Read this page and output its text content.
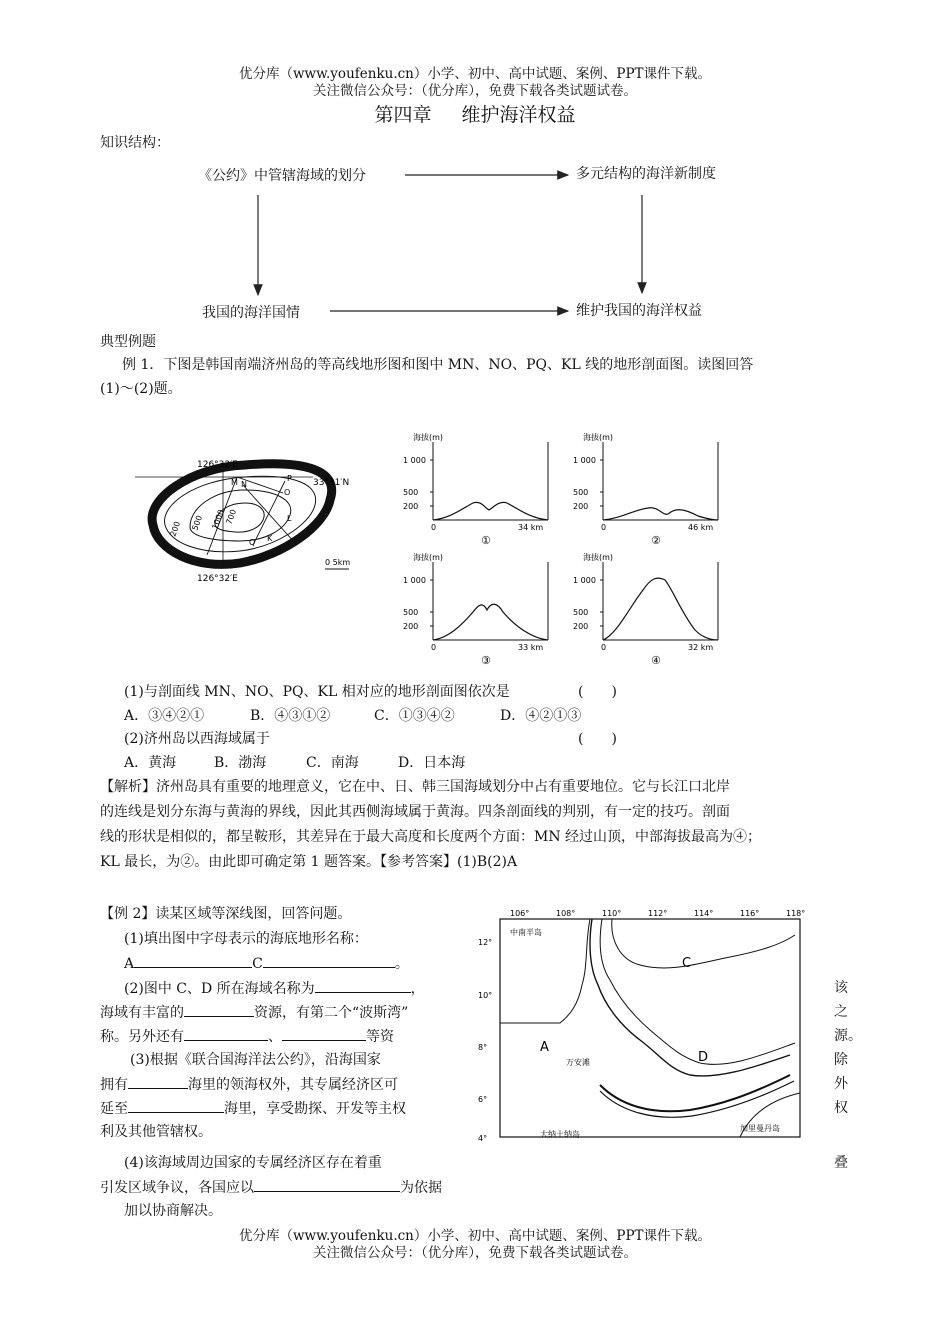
优分库（www.youfenku.cn）小学、初中、高中试题、案例、PPT课件下载。
关注微信公众号：（优分库），免费下载各类试题试卷。
第四章 维护海洋权益
知识结构：
《公约》中管辖海域的划分	多元结构的海洋新制度
我国的海洋国情	维护我国的海洋权益
典型例题
例 1．下图是韩国南端济州岛的等高线地形图和图中 MN、NO、PQ、KL 线的地形剖面图。读图回答
(1)～(2)题。
126°32′E
33°31′N
126°32′E
200 500 1000
700
M N
O
P
Q K
L
0 5km
海拔(m)
1 000
500
200
0	34 km
①
海拔(m)
1 000
500
200
0	46 km
②
海拔(m)
1 000
500
200
0	33 km
③
海拔(m)
1 000
500
200
0	32 km
④
(1)与剖面线 MN、NO、PQ、KL 相对应的地形剖面图依次是	(　　)
A．③④②①	B．④③①②	C．①③④②	D．④②①③
(2)济州岛以西海域属于	(　　)
A．黄海	B．渤海	C．南海	D．日本海
【解析】济州岛具有重要的地理意义，它在中、日、韩三国海域划分中占有重要地位。它与长江口北岸
的连线是划分东海与黄海的界线，因此其西侧海域属于黄海。四条剖面线的判别，有一定的技巧。剖面
线的形状是相似的，都呈鞍形，其差异在于最大高度和长度两个方面：MN 经过山顶，中部海拔最高为④；
KL 最长，为②。由此即可确定第 1 题答案。【参考答案】(1)B(2)A
【例 2】读某区域等深线图，回答问题。
(1)填出图中字母表示的海底地形名称：
A	C	。
(2)图中 C、D 所在海域名称为	，
海域有丰富的	资源，有第二个“波斯湾”
称。另外还有	、	等资
(3)根据《联合国海洋法公约》，沿海国家
拥有	海里的领海权外，其专属经济区可
延至	海里，享受勘探、开发等主权
利及其他管辖权。
(4)该海域周边国家的专属经济区存在着重
引发区域争议，各国应以	为依据
加以协商解决。
该
之
源。
除
外
权
叠
106°	108°	110°	112°	114°	116°	118°
12°
10°
8°
6°
4°
中南半岛
大纳土纳岛
万安滩
加里曼丹岛
A
C
D
优分库（www.youfenku.cn）小学、初中、高中试题、案例、PPT课件下载。
关注微信公众号：（优分库），免费下载各类试题试卷。
